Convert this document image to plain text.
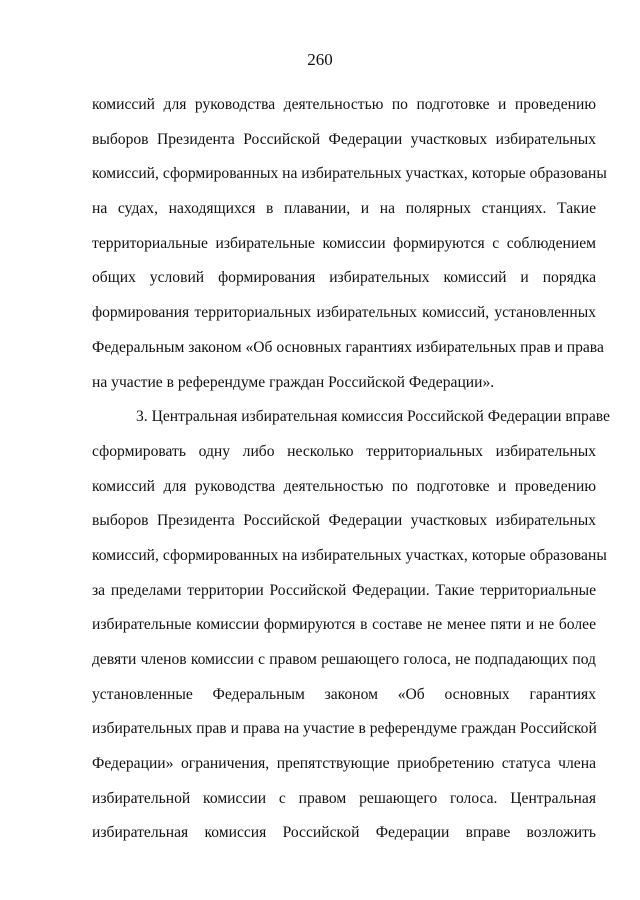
260
комиссий для руководства деятельностью по подготовке и проведению
выборов Президента Российской Федерации участковых избирательных
комиссий, сформированных на избирательных участках, которые образованы
на судах, находящихся в плавании, и на полярных станциях. Такие
территориальные избирательные комиссии формируются с соблюдением
общих условий формирования избирательных комиссий и порядка
формирования территориальных избирательных комиссий, установленных
Федеральным законом «Об основных гарантиях избирательных прав и права
на участие в референдуме граждан Российской Федерации».
3. Центральная избирательная комиссия Российской Федерации вправе
сформировать одну либо несколько территориальных избирательных
комиссий для руководства деятельностью по подготовке и проведению
выборов Президента Российской Федерации участковых избирательных
комиссий, сформированных на избирательных участках, которые образованы
за пределами территории Российской Федерации. Такие территориальные
избирательные комиссии формируются в составе не менее пяти и не более
девяти членов комиссии с правом решающего голоса, не подпадающих под
установленные Федеральным законом «Об основных гарантиях
избирательных прав и права на участие в референдуме граждан Российской
Федерации» ограничения, препятствующие приобретению статуса члена
избирательной комиссии с правом решающего голоса. Центральная
избирательная комиссия Российской Федерации вправе возложить
